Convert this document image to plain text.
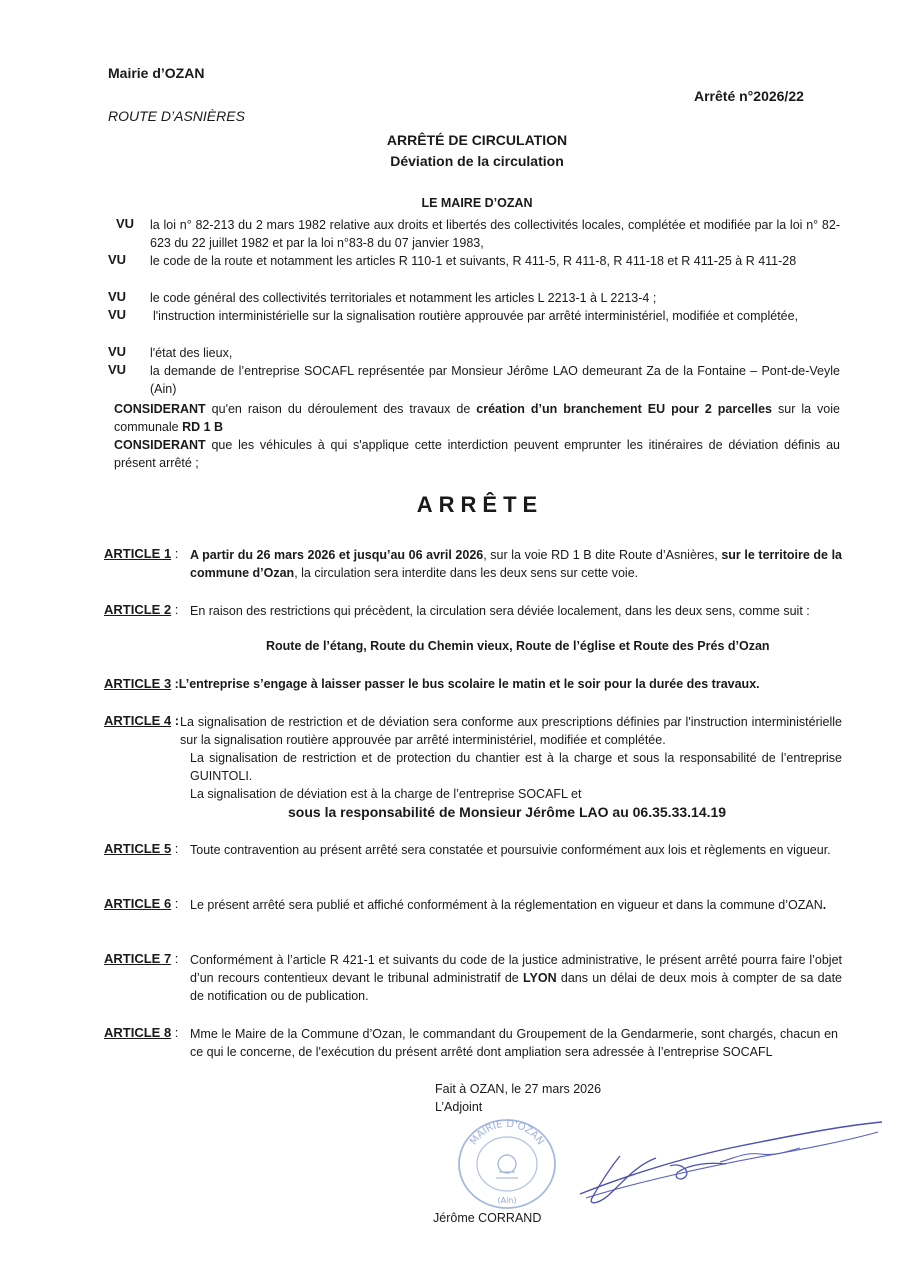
Mairie d’OZAN
Arrêté n°2026/22
ROUTE D’ASNIÈRES
ARRÊTÉ DE CIRCULATION
Déviation de la circulation
LE MAIRE D’OZAN
VU la loi n° 82-213 du 2 mars 1982 relative aux droits et libertés des collectivités locales, complétée et modifiée par la loi n° 82-623 du 22 juillet 1982 et par la loi n°83-8 du 07 janvier 1983,
VU le code de la route et notamment les articles R 110-1 et suivants, R 411-5, R 411-8, R 411-18 et R 411-25 à R 411-28
VU le code général des collectivités territoriales et notamment les articles L 2213-1 à L 2213-4 ;
VU l'instruction interministérielle sur la signalisation routière approuvée par arrêté interministériel, modifiée et complétée,
VU l'état des lieux,
VU la demande de l’entreprise SOCAFL représentée par Monsieur Jérôme LAO demeurant Za de la Fontaine – Pont-de-Veyle (Ain)
CONSIDERANT qu'en raison du déroulement des travaux de création d’un branchement EU pour 2 parcelles sur la voie communale RD 1 B
CONSIDERANT que les véhicules à qui s'applique cette interdiction peuvent emprunter les itinéraires de déviation définis au présent arrêté ;
ARRÊTE
ARTICLE 1 : A partir du 26 mars 2026 et jusqu’au 06 avril 2026, sur la voie RD 1 B dite Route d’Asnières, sur le territoire de la commune d’Ozan, la circulation sera interdite dans les deux sens sur cette voie.
ARTICLE 2 : En raison des restrictions qui précèdent, la circulation sera déviée localement, dans les deux sens, comme suit :
Route de l’étang, Route du Chemin vieux, Route de l’église et Route des Prés d’Ozan
ARTICLE 3 :L’entreprise s’engage à laisser passer le bus scolaire le matin et le soir pour la durée des travaux.
ARTICLE 4 : La signalisation de restriction et de déviation sera conforme aux prescriptions définies par l'instruction interministérielle sur la signalisation routière approuvée par arrêté interministériel, modifiée et complétée.
La signalisation de restriction et de protection du chantier est à la charge et sous la responsabilité de l’entreprise GUINTOLI.
La signalisation de déviation est à la charge de l’entreprise SOCAFL et
sous la responsabilité de Monsieur Jérôme LAO au 06.35.33.14.19
ARTICLE 5 : Toute contravention au présent arrêté sera constatée et poursuivie conformément aux lois et règlements en vigueur.
ARTICLE 6 : Le présent arrêté sera publié et affiché conformément à la réglementation en vigueur et dans la commune d’OZAN.
ARTICLE 7 : Conformément à l’article R 421-1 et suivants du code de la justice administrative, le présent arrêté pourra faire l’objet d’un recours contentieux devant le tribunal administratif de LYON dans un délai de deux mois à compter de sa date de notification ou de publication.
ARTICLE 8 : Mme le Maire de la Commune d’Ozan, le commandant du Groupement de la Gendarmerie, sont chargés, chacun en ce qui le concerne, de l'exécution du présent arrêté dont ampliation sera adressée à l’entreprise SOCAFL
Fait à OZAN, le 27 mars 2026
L’Adjoint
MAIRIE D'OZAN
(Ain)
Jérôme CORRAND
